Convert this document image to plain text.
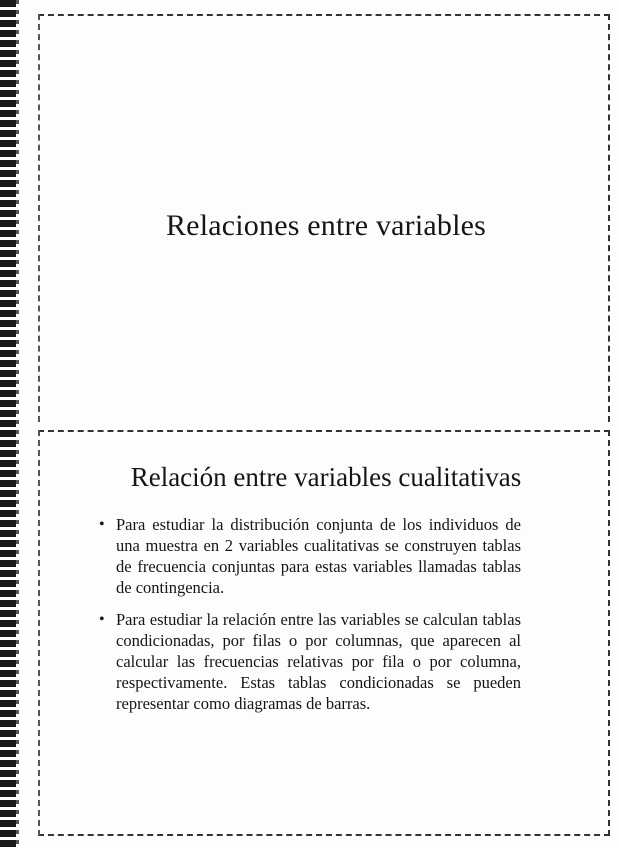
Relaciones entre variables
Relación entre variables cualitativas
• Para estudiar la distribución conjunta de los individuos de una muestra en 2 variables cualitativas se construyen tablas de frecuencia conjuntas para estas variables llamadas tablas de contingencia.
• Para estudiar la relación entre las variables se calculan tablas condicionadas, por filas o por columnas, que aparecen al calcular las frecuencias relativas por fila o por columna, respectivamente. Estas tablas condicionadas se pueden representar como diagramas de barras.
